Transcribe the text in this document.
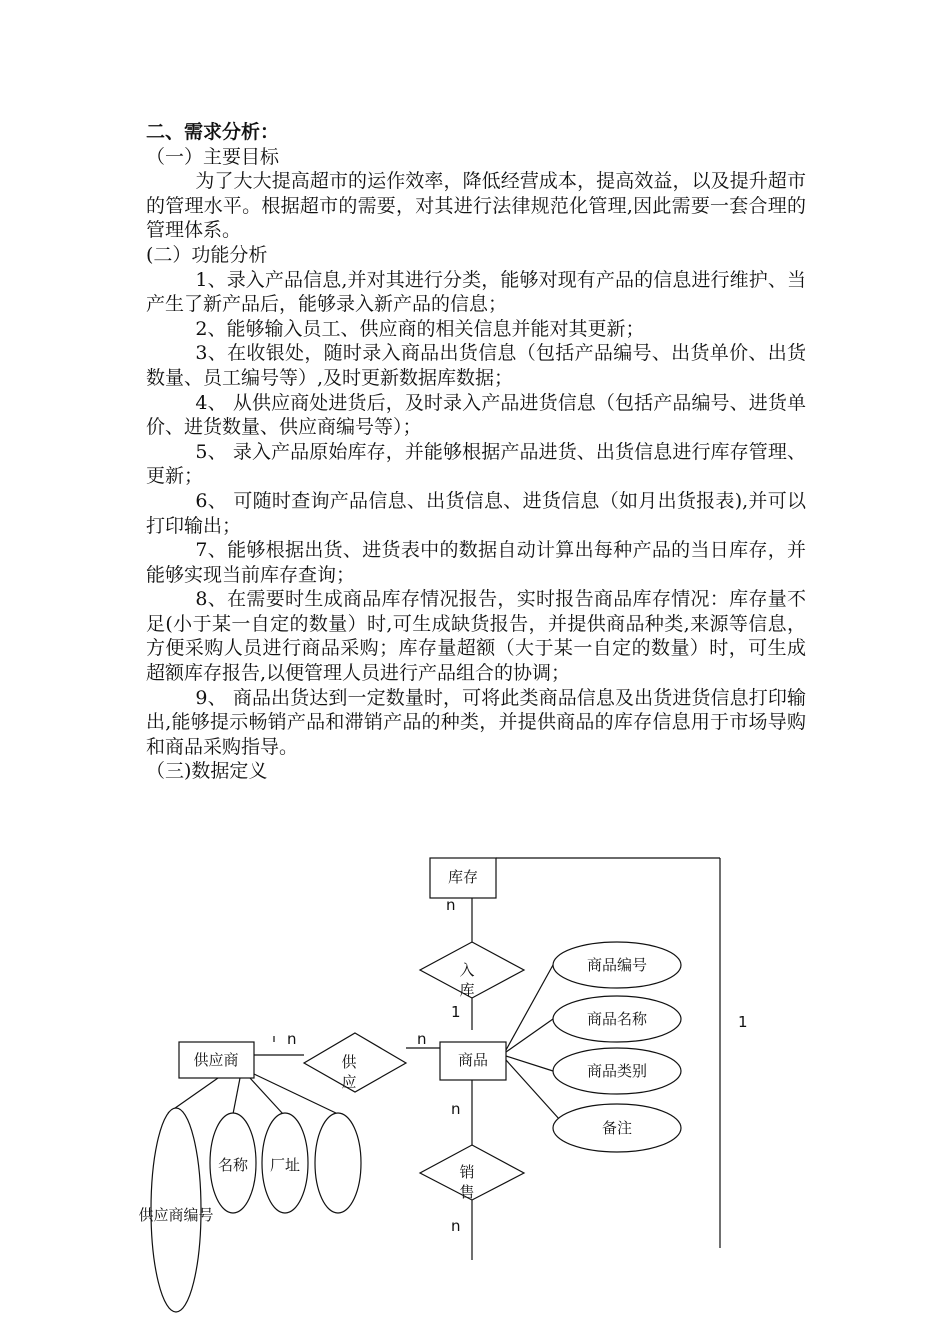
二、需求分析：

（一）主要目标

为了大大提高超市的运作效率，降低经营成本，提高效益，以及提升超市的管理水平。根据超市的需要，对其进行法律规范化管理,因此需要一套合理的管理体系。

(二）功能分析

1、录入产品信息,并对其进行分类，能够对现有产品的信息进行维护、当产生了新产品后，能够录入新产品的信息；

2、能够输入员工、供应商的相关信息并能对其更新；

3、在收银处，随时录入商品出货信息（包括产品编号、出货单价、出货数量、员工编号等）,及时更新数据库数据；

4、 从供应商处进货后，及时录入产品进货信息（包括产品编号、进货单价、进货数量、供应商编号等）；

5、 录入产品原始库存，并能够根据产品进货、出货信息进行库存管理、更新；

6、 可随时查询产品信息、出货信息、进货信息（如月出货报表),并可以打印输出；

7、能够根据出货、进货表中的数据自动计算出每种产品的当日库存，并能够实现当前库存查询；

8、在需要时生成商品库存情况报告，实时报告商品库存情况：库存量不足(小于某一自定的数量）时,可生成缺货报告，并提供商品种类,来源等信息，方便采购人员进行商品采购；库存量超额（大于某一自定的数量）时，可生成超额库存报告,以便管理人员进行产品组合的协调；

9、 商品出货达到一定数量时，可将此类商品信息及出货进货信息打印输出,能够提示畅销产品和滞销产品的种类，并提供商品的库存信息用于市场导购和商品采购指导。

（三)数据定义

库存
供应商	商品
入
库
供
应
销
售
商品编号
商品名称
商品类别
备注
供应商编号
名称 厂址
n
1
n	n
n
n
1
